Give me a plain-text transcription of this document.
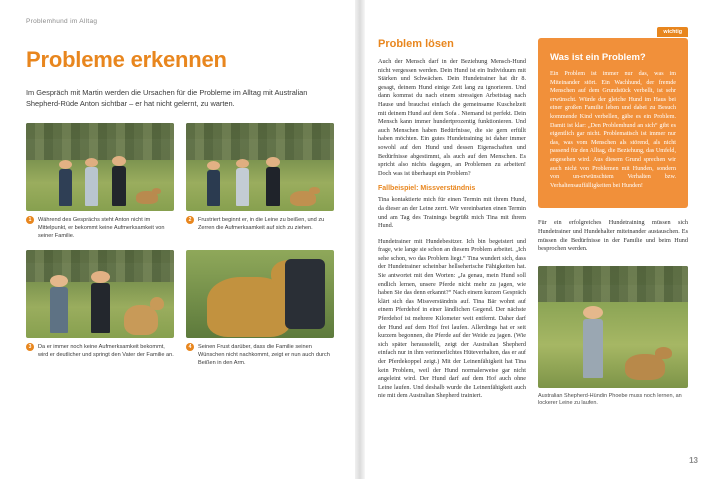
Problemhund im Alltag
Probleme erkennen

Im Gespräch mit Martin werden die Ursachen für die Probleme im Alltag mit Australian Shepherd-Rüde Anton sichtbar – er hat nicht gelernt, zu warten.

1	Während des Gesprächs steht Anton nicht im Mittelpunkt, er bekommt keine Aufmerksamkeit von seiner Familie.
2	Frustriert beginnt er, in die Leine zu beißen, und zu Zerren die Aufmerksamkeit auf sich zu ziehen.
3	Da er immer noch keine Aufmerksamkeit bekommt, wird er deutlicher und springt den Vater der Familie an.
4	Seinen Frust darüber, dass die Familie seinen Wünschen nicht nachkommt, zeigt er nun auch durch Beißen in den Arm.
Problem lösen

Auch der Mensch darf in der Beziehung Mensch-Hund nicht vergessen werden. Dein Hund ist ein Individuum mit Stärken und Schwächen. Dein Hundetrainer hat dir 8. gesagt, deinem Hund einige Zeit lang zu ignorieren. Und dann kommst du nach einem stressigen Arbeitstag nach Hause und brauchst einfach die gemeinsame Kuschelzeit mit deinem Hund auf dem Sofa . Niemand ist perfekt. Dein Mensch kann immer hundertprozentig funktionieren. Und auch Menschen haben Bedürfnisse, die sie gern erfüllt haben möchten. Ein gutes Hundetraining ist daher immer sowohl auf den Hund und dessen Eigenschaften und Bedürfnisse abgestimmt, als auch auf den Menschen. Es spricht also nichts dagegen, an Problemen zu arbeiten! Doch was ist überhaupt ein Problem?

Fallbeispiel: Missverständnis

Tina kontaktierte mich für einen Termin mit ihrem Hund, da dieser an der Leine zerrt. Wir vereinbarten einen Termin und am Tag des Trainings begrüßt mich Tina mit ihrem Hund.

Hundetrainer mit Hundebesitzer. Ich bin begeistert und frage, wie lange sie schon an diesem Problem arbeitet. „Ich sehe schon, wo das Problem liegt.“ Tina wundert sich, dass der Hundetrainer scheinbar hellseherische Fähigkeiten hat. Sie antwortet mit den Worten: „Ja genau, mein Hund soll endlich lernen, unsere Pferde nicht mehr zu jagen, wie haben Sie das denn erkannt?“ Nach einem kurzen Gespräch klärt sich das Missverständnis auf. Tina Bär wohnt auf einem Pferdehof in einer ländlichen Gegend. Der nächste Pferdehof ist mehrere Kilometer weit entfernt. Daher darf der Hund auf dem Hof frei laufen. Allerdings hat er seit kurzem begonnen, die Pferde auf der Weide zu jagen. (Wie sich später herausstellt, zeigt der Australian Shepherd einfach nur in ihm verinnerlichtes Hüteverhalten, das er auf der Pferdekoppel zeigt.) Mit der Leinenfähigkeit hat Tina kein Problem, weil der Hund normalerweise gar nicht angeleint wird. Der Hund darf auf dem Hof auch ohne Leine laufen. Und deshalb wurde die Leinenfähigkeit auch nie mit dem Australian Shepherd trainiert.

wichtig
Was ist ein Problem?

Ein Problem ist immer nur das, was im Miteinander stört. Ein Wachhund, der fremde Menschen auf dem Grundstück verbellt, ist sehr erwünscht. Würde der gleiche Hund im Haus bei einer großen Familie leben und dabei zu Besuch kommende Kind verbellen, gäbe es ein Problem. Damit ist klar: „Den Problemhund an sich“ gibt es eigentlich gar nicht. Problematisch ist immer nur das, was vom Menschen als störend, als nicht passend für den Alltag, die Beziehung, das Umfeld, angesehen wird. Aus diesem Grund sprechen wir auch nicht von Problemen mit Hunden, sondern von un-erwünschtem Verhalten bzw. Verhaltensauffälligkeiten bei Hunden!

Für ein erfolgreiches Hundetraining müssen sich Hundetrainer und Hundehalter miteinander austauschen. Es müssen die Bedürfnisse in der Familie und beim Hund besprochen werden.

Australian Shepherd-Hündin Phoebe muss noch lernen, an lockerer Leine zu laufen.
13
